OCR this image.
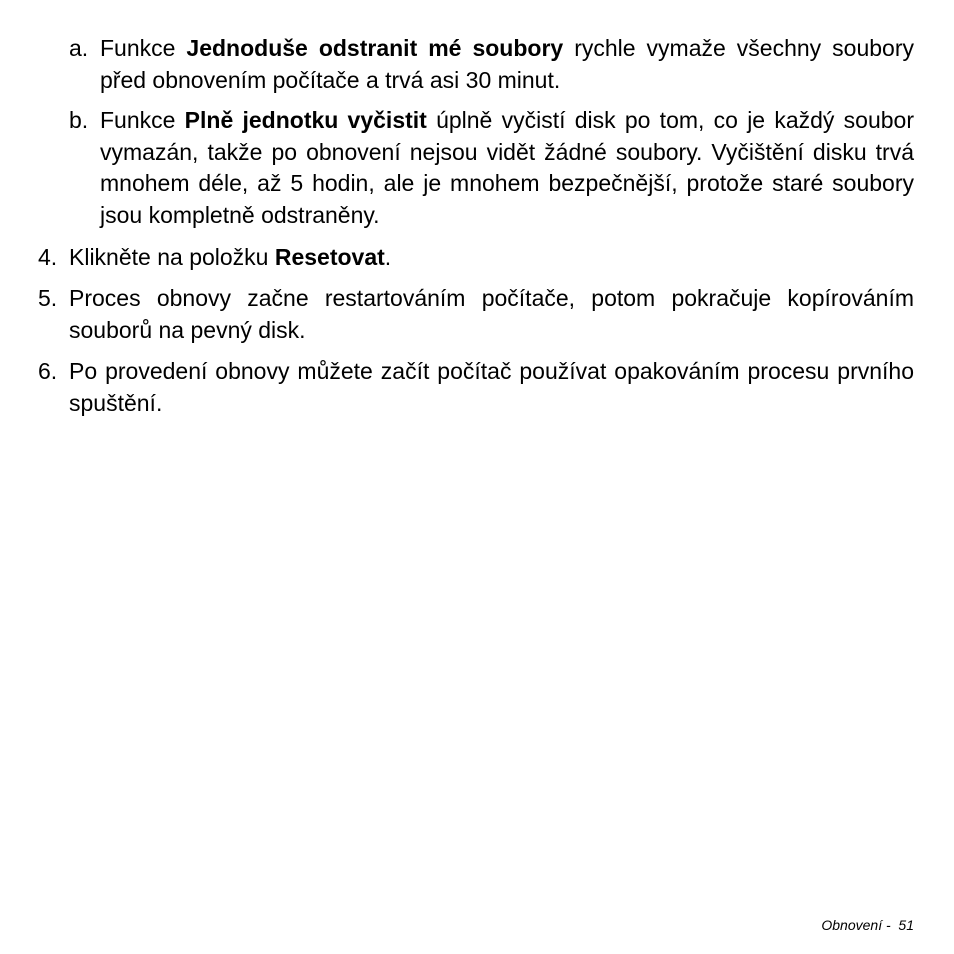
a. Funkce Jednoduše odstranit mé soubory rychle vymaže všechny soubory před obnovením počítače a trvá asi 30 minut.
b. Funkce Plně jednotku vyčistit úplně vyčistí disk po tom, co je každý soubor vymazán, takže po obnovení nejsou vidět žádné soubory. Vyčištění disku trvá mnohem déle, až 5 hodin, ale je mnohem bezpečnější, protože staré soubory jsou kompletně odstraněny.
4. Klikněte na položku Resetovat.
5. Proces obnovy začne restartováním počítače, potom pokračuje kopírováním souborů na pevný disk.
6. Po provedení obnovy můžete začít počítač používat opakováním procesu prvního spuštění.
Obnovení - 51
